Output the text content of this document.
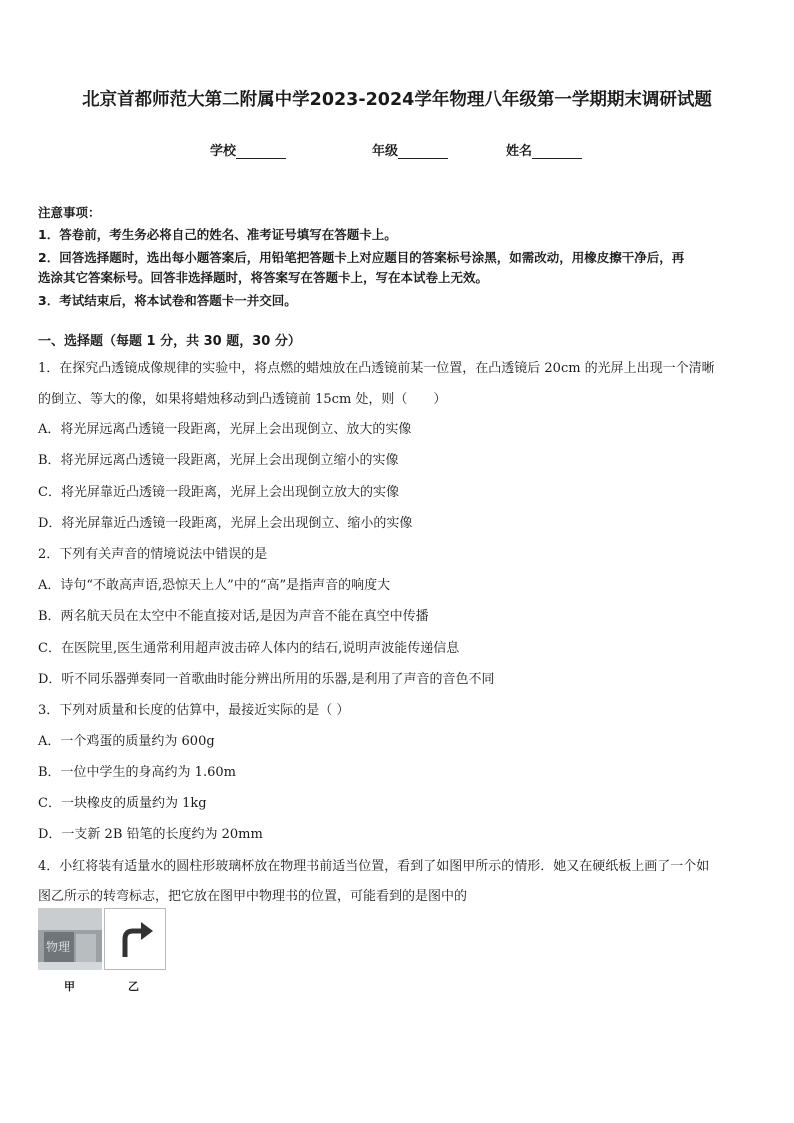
北京首都师范大第二附属中学2023-2024学年物理八年级第一学期期末调研试题
学校	年级	姓名
注意事项：
1．答卷前，考生务必将自己的姓名、准考证号填写在答题卡上。
2．回答选择题时，选出每小题答案后，用铅笔把答题卡上对应题目的答案标号涂黑，如需改动，用橡皮擦干净后，再
选涂其它答案标号。回答非选择题时，将答案写在答题卡上，写在本试卷上无效。
3．考试结束后，将本试卷和答题卡一并交回。
一、选择题（每题 1 分，共 30 题，30 分）
1．在探究凸透镜成像规律的实验中，将点燃的蜡烛放在凸透镜前某一位置，在凸透镜后 20cm 的光屏上出现一个清晰
的倒立、等大的像，如果将蜡烛移动到凸透镜前 15cm 处，则（　　）
A．将光屏远离凸透镜一段距离，光屏上会出现倒立、放大的实像
B．将光屏远离凸透镜一段距离，光屏上会出现倒立缩小的实像
C．将光屏靠近凸透镜一段距离，光屏上会出现倒立放大的实像
D．将光屏靠近凸透镜一段距离，光屏上会出现倒立、缩小的实像
2．下列有关声音的情境说法中错误的是
A．诗句“不敢高声语,恐惊天上人”中的“高”是指声音的响度大
B．两名航天员在太空中不能直接对话,是因为声音不能在真空中传播
C．在医院里,医生通常利用超声波击碎人体内的结石,说明声波能传递信息
D．听不同乐器弹奏同一首歌曲时能分辨出所用的乐器,是利用了声音的音色不同
3．下列对质量和长度的估算中，最接近实际的是（ ）
A．一个鸡蛋的质量约为 600g
B．一位中学生的身高约为 1.60m
C．一块橡皮的质量约为 1kg
D．一支新 2B 铅笔的长度约为 20mm
4．小红将装有适量水的圆柱形玻璃杯放在物理书前适当位置，看到了如图甲所示的情形．她又在硬纸板上画了一个如
图乙所示的转弯标志，把它放在图甲中物理书的位置，可能看到的是图中的
物理
甲	乙
